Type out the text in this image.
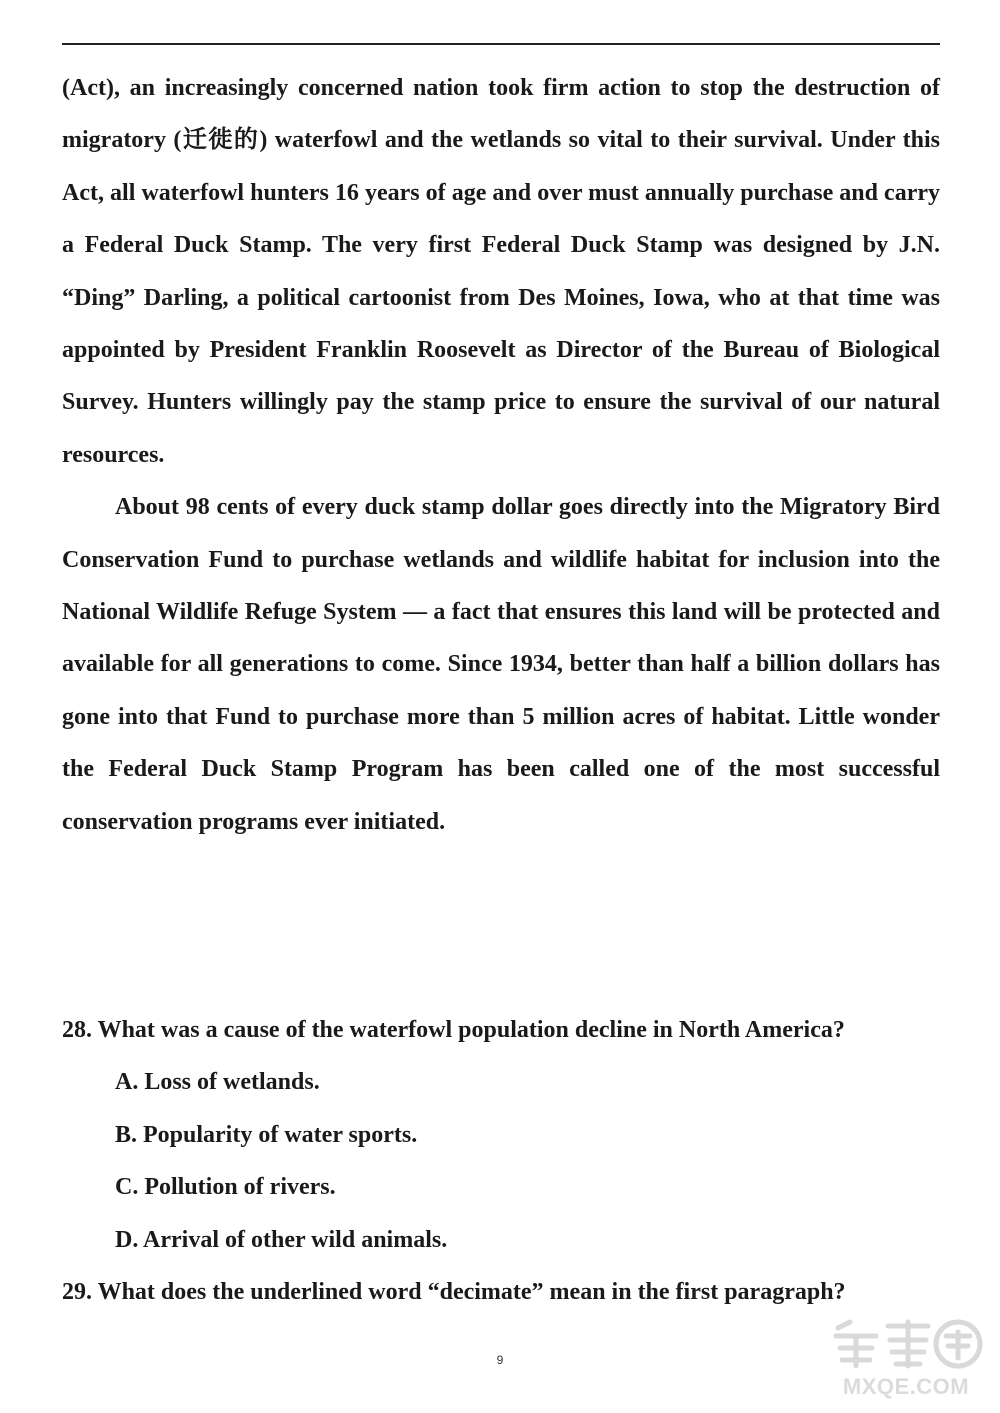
(Act), an increasingly concerned nation took firm action to stop the destruction of migratory (迁徙的) waterfowl and the wetlands so vital to their survival. Under this Act, all waterfowl hunters 16 years of age and over must annually purchase and carry a Federal Duck Stamp. The very first Federal Duck Stamp was designed by J.N. “Ding” Darling, a political cartoonist from Des Moines, Iowa, who at that time was appointed by President Franklin Roosevelt as Director of the Bureau of Biological Survey. Hunters willingly pay the stamp price to ensure the survival of our natural resources.

About 98 cents of every duck stamp dollar goes directly into the Migratory Bird Conservation Fund to purchase wetlands and wildlife habitat for inclusion into the National Wildlife Refuge System — a fact that ensures this land will be protected and available for all generations to come. Since 1934, better than half a billion dollars has gone into that Fund to purchase more than 5 million acres of habitat. Little wonder the Federal Duck Stamp Program has been called one of the most successful conservation programs ever initiated.

28. What was a cause of the waterfowl population decline in North America?

A. Loss of wetlands.

B. Popularity of water sports.

C. Pollution of rivers.

D. Arrival of other wild animals.

29. What does the underlined word “decimate” mean in the first paragraph?

9
MXQE.COM
